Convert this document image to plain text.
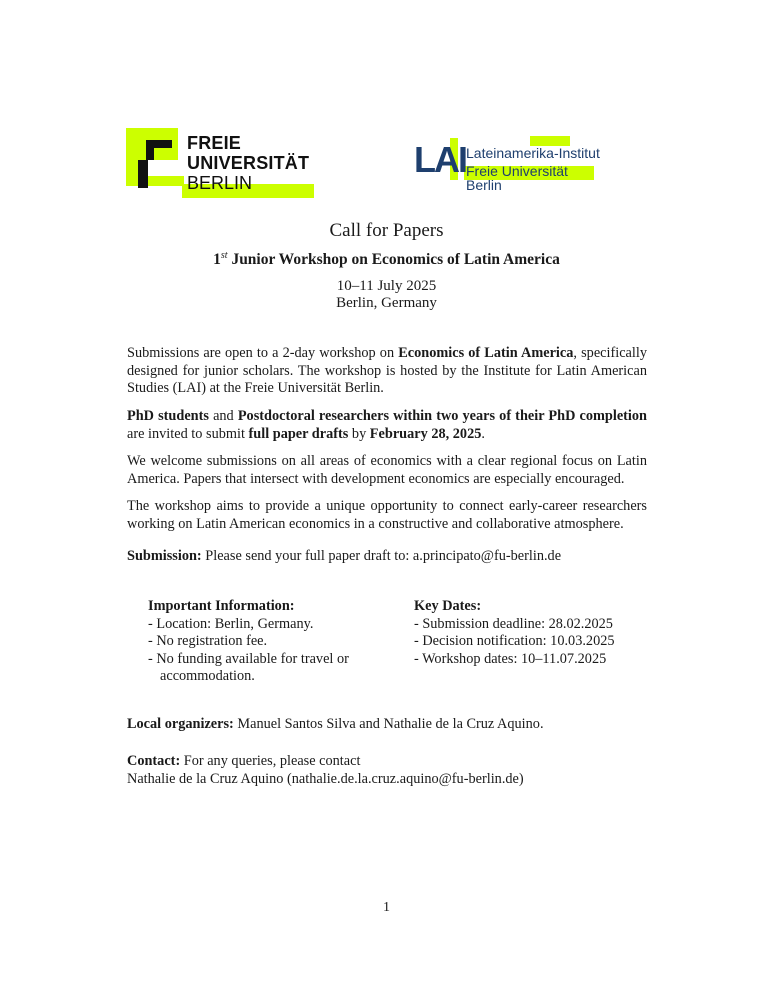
FREIE
UNIVERSITÄT
BERLIN
LAI Lateinamerika-Institut
Freie Universität Berlin
Call for Papers
1st Junior Workshop on Economics of Latin America
10–11 July 2025
Berlin, Germany
Submissions are open to a 2-day workshop on Economics of Latin America, specifically designed for junior scholars. The workshop is hosted by the Institute for Latin American Studies (LAI) at the Freie Universität Berlin.
PhD students and Postdoctoral researchers within two years of their PhD completion are invited to submit full paper drafts by February 28, 2025.
We welcome submissions on all areas of economics with a clear regional focus on Latin America. Papers that intersect with development economics are especially encouraged.
The workshop aims to provide a unique opportunity to connect early-career researchers working on Latin American economics in a constructive and collaborative atmosphere.
Submission: Please send your full paper draft to: a.principato@fu-berlin.de
Important Information:
- Location: Berlin, Germany.
- No registration fee.
- No funding available for travel or accommodation.
Key Dates:
- Submission deadline: 28.02.2025
- Decision notification: 10.03.2025
- Workshop dates: 10–11.07.2025
Local organizers: Manuel Santos Silva and Nathalie de la Cruz Aquino.
Contact: For any queries, please contact
Nathalie de la Cruz Aquino (nathalie.de.la.cruz.aquino@fu-berlin.de)
1
